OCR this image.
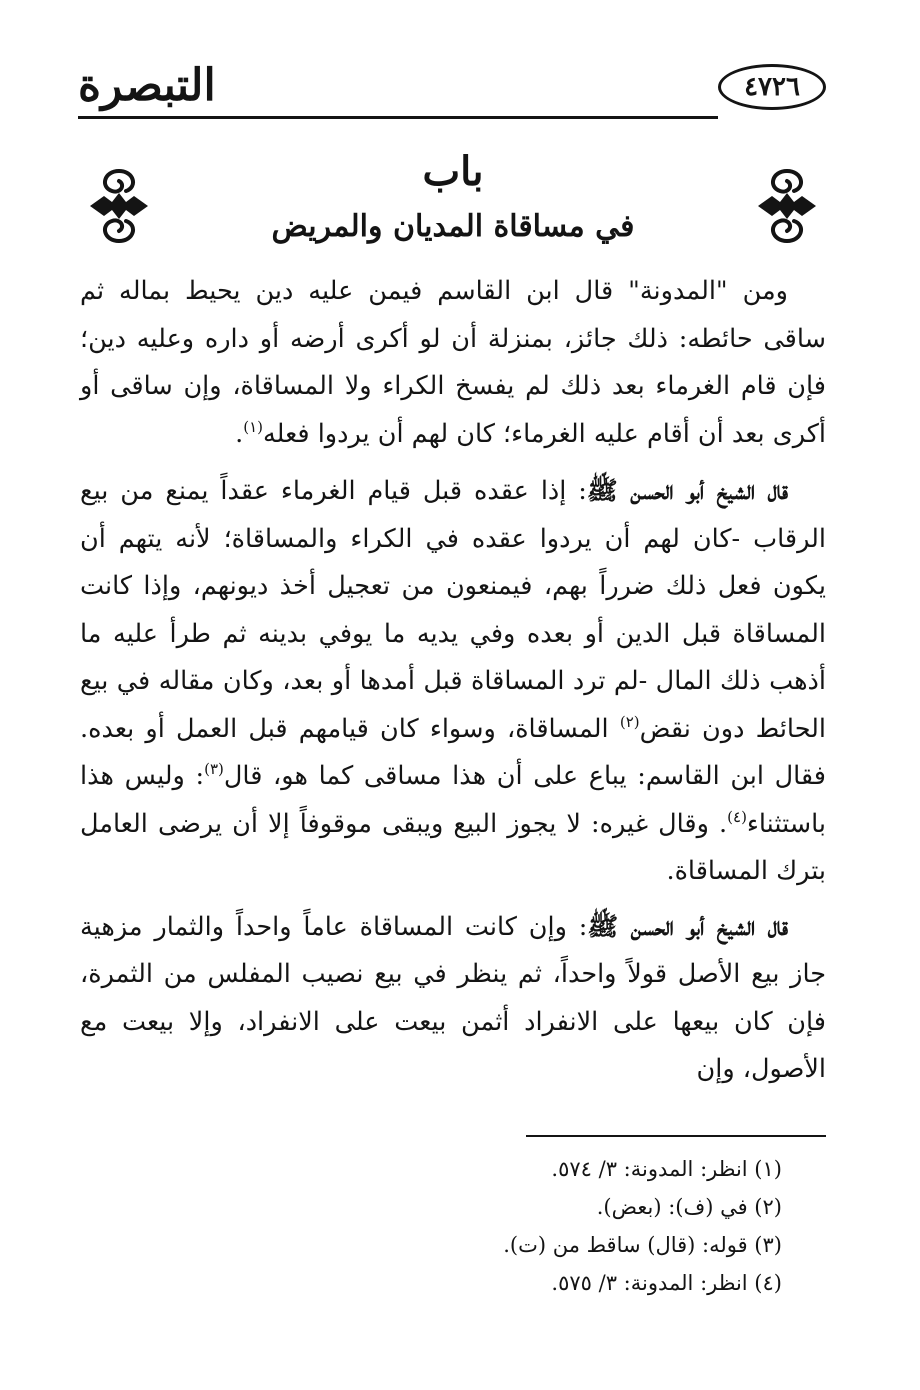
التبصرة	٤٧٢٦
باب
في مساقاة المديان والمريض

ومن "المدونة" قال ابن القاسم فيمن عليه دين يحيط بماله ثم ساقى حائطه: ذلك جائز، بمنزلة أن لو أكرى أرضه أو داره وعليه دين؛ فإن قام الغرماء بعد ذلك لم يفسخ الكراء ولا المساقاة، وإن ساقى أو أكرى بعد أن أقام عليه الغرماء؛ كان لهم أن يردوا فعله$^{(١)}$.

قال الشيخ أبو الحسن ﷺ: إذا عقده قبل قيام الغرماء عقداً يمنع من بيع الرقاب -كان لهم أن يردوا عقده في الكراء والمساقاة؛ لأنه يتهم أن يكون فعل ذلك ضرراً بهم، فيمنعون من تعجيل أخذ ديونهم، وإذا كانت المساقاة قبل الدين أو بعده وفي يديه ما يوفي بدينه ثم طرأ عليه ما أذهب ذلك المال -لم ترد المساقاة قبل أمدها أو بعد، وكان مقاله في بيع الحائط دون نقض$^{(٢)}$ المساقاة، وسواء كان قيامهم قبل العمل أو بعده. فقال ابن القاسم: يباع على أن هذا مساقى كما هو، قال$^{(٣)}$: وليس هذا باستثناء$^{(٤)}$. وقال غيره: لا يجوز البيع ويبقى موقوفاً إلا أن يرضى العامل بترك المساقاة.

قال الشيخ أبو الحسن ﷺ: وإن كانت المساقاة عاماً واحداً والثمار مزهية جاز بيع الأصل قولاً واحداً، ثم ينظر في بيع نصيب المفلس من الثمرة، فإن كان بيعها على الانفراد أثمن بيعت على الانفراد، وإلا بيعت مع الأصول، وإن

(١) انظر: المدونة: ٣/ ٥٧٤.

(٢) في (ف): (بعض).

(٣) قوله: (قال) ساقط من (ت).

(٤) انظر: المدونة: ٣/ ٥٧٥.
